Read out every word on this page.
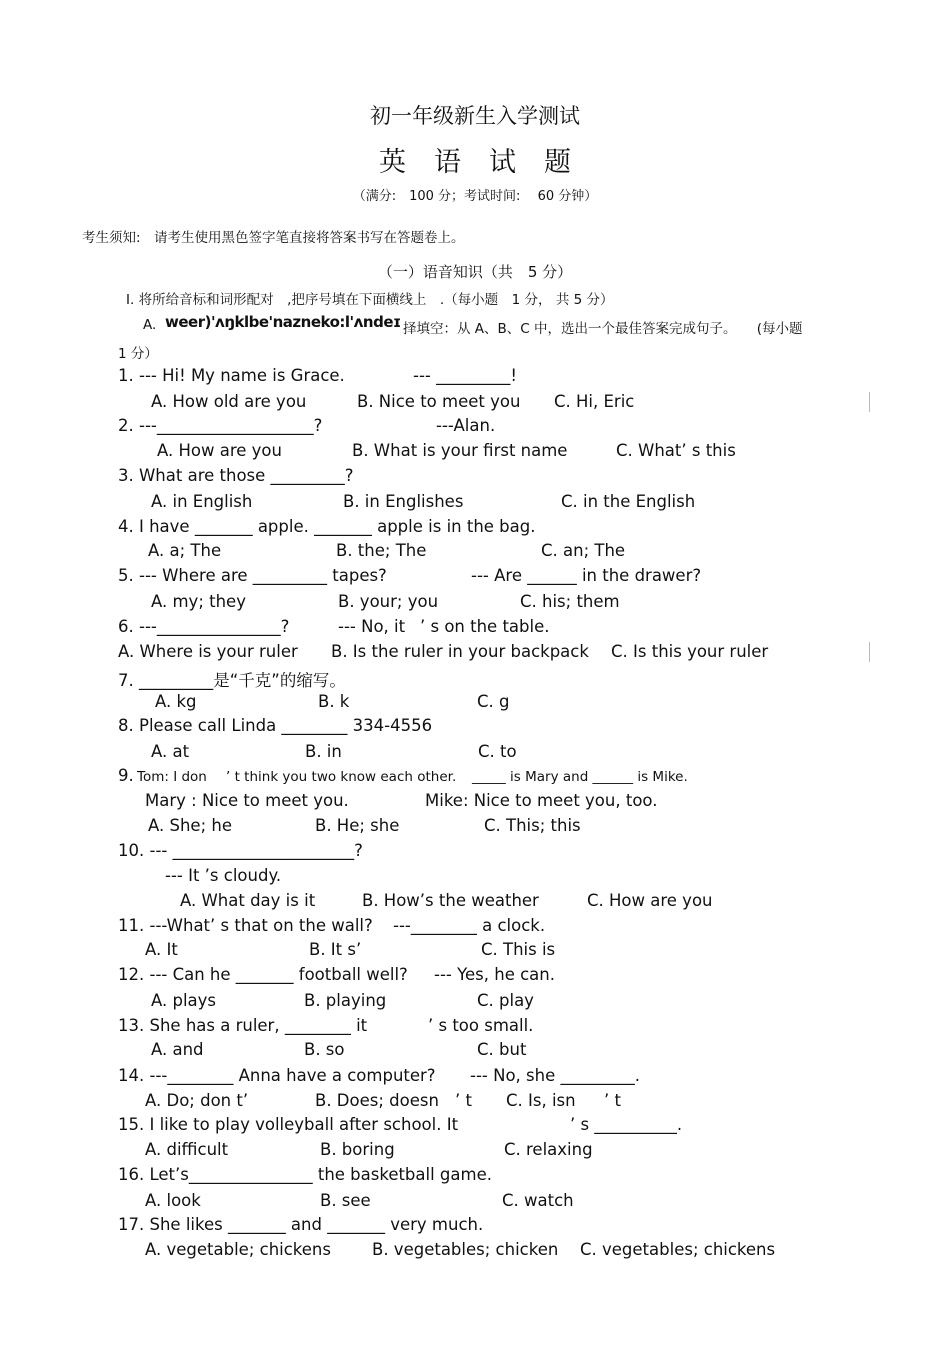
初一年级新生入学测试
英语试题
（满分:　100 分；考试时间:　 60 分钟）
考生须知:　请考生使用黑色签字笔直接将答案书写在答题卷上。
（一）语音知识（共　5 分）
Ⅰ. 将所给音标和词形配对　,把序号填在下面横线上　.（每小题　1 分， 共 5 分）
A. weer)'ʌŋklbe'nazneko:l'ʌndeɪ 择填空：从 A、B、C 中，选出一个最佳答案完成句子。　　(每小题
1 分）
1. --- Hi! My name is Grace.	--- _________!
A. How old are you	B. Nice to meet you C. Hi, Eric
2. ---___________________?	---Alan.
A. How are you	B. What is your first name	C. What’ s this
3. What are those _________?
A. in English	B. in Englishes	C. in the English
4. I have _______ apple. _______ apple is in the bag.
A. a; The	B. the; The	C. an; The
5. --- Where are _________ tapes?	--- Are ______ in the drawer?
A. my; they	B. your; you	C. his; them
6. ---_______________?	--- No, it ’ s on the table.
A. Where is your ruler B. Is the ruler in your backpack C. Is this your ruler
7. _________是“千克”的缩写。
A. kg	B. k	C. g
8. Please call Linda ________ 334-4556
A. at	B. in	C. to
9. Tom: I don ’ t think you two know each other. _____ is Mary and ______ is Mike.
Mary : Nice to meet you.	Mike: Nice to meet you, too.
A. She; he	B. He; she	C. This; this
10. --- ______________________?
--- It ’s cloudy.
A. What day is it	B. How’s the weather	C. How are you
11. ---What’ s that on the wall? ---________ a clock.
A. It	B. It s’	C. This is
12. --- Can he _______ football well? --- Yes, he can.
A. plays	B. playing	C. play
13. She has a ruler, ________ it	’ s too small.
A. and	B. so	C. but
14. ---________ Anna have a computer? --- No, she _________.
A. Do; don t’	B. Does; doesn ’ t C. Is, isn ’ t
15. I like to play volleyball after school. It	’ s __________.
A. difficult	B. boring	C. relaxing
16. Let’s_______________ the basketball game.
A. look	B. see	C. watch
17. She likes _______ and _______ very much.
A. vegetable; chickens B. vegetables; chicken C. vegetables; chickens
